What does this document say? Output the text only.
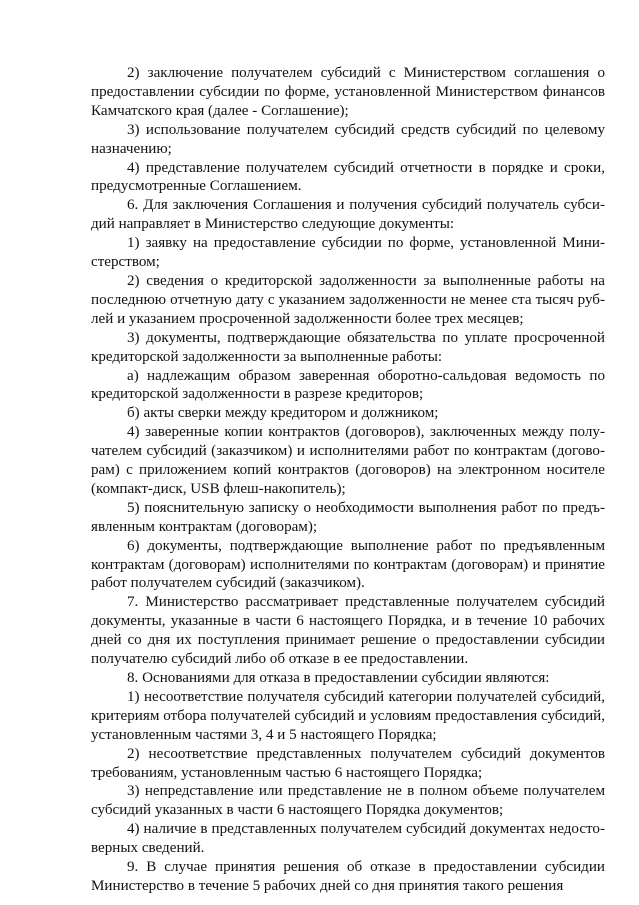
2) заключение получателем субсидий с Министерством соглашения о предоставлении субсидии по форме, установленной Министерством финансов Камчатского края (далее - Соглашение);

3) использование получателем субсидий средств субсидий по целевому назначению;

4) представление получателем субсидий отчетности в порядке и сроки, предусмотренные Соглашением.

6. Для заключения Соглашения и получения субсидий получатель субсидий направляет в Министерство следующие документы:

1) заявку на предоставление субсидии по форме, установленной Министерством;

2) сведения о кредиторской задолженности за выполненные работы на последнюю отчетную дату с указанием задолженности не менее ста тысяч рублей и указанием просроченной задолженности более трех месяцев;

3) документы, подтверждающие обязательства по уплате просроченной кредиторской задолженности за выполненные работы:

а) надлежащим образом заверенная оборотно-сальдовая ведомость по кредиторской задолженности в разрезе кредиторов;

б) акты сверки между кредитором и должником;

4) заверенные копии контрактов (договоров), заключенных между получателем субсидий (заказчиком) и исполнителями работ по контрактам (договорам) с приложением копий контрактов (договоров) на электронном носителе (компакт-диск, USB флеш-накопитель);

5) пояснительную записку о необходимости выполнения работ по предъявленным контрактам (договорам);

6) документы, подтверждающие выполнение работ по предъявленным контрактам (договорам) исполнителями по контрактам (договорам) и принятие работ получателем субсидий (заказчиком).

7. Министерство рассматривает представленные получателем субсидий документы, указанные в части 6 настоящего Порядка, и в течение 10 рабочих дней со дня их поступления принимает решение о предоставлении субсидии получателю субсидий либо об отказе в ее предоставлении.

8. Основаниями для отказа в предоставлении субсидии являются:

1) несоответствие получателя субсидий категории получателей субсидий, критериям отбора получателей субсидий и условиям предоставления субсидий, установленным частями 3, 4 и 5 настоящего Порядка;

2) несоответствие представленных получателем субсидий документов требованиям, установленным частью 6 настоящего Порядка;

3) непредставление или представление не в полном объеме получателем субсидий указанных в части 6 настоящего Порядка документов;

4) наличие в представленных получателем субсидий документах недостоверных сведений.

9. В случае принятия решения об отказе в предоставлении субсидии Министерство в течение 5 рабочих дней со дня принятия такого решения
